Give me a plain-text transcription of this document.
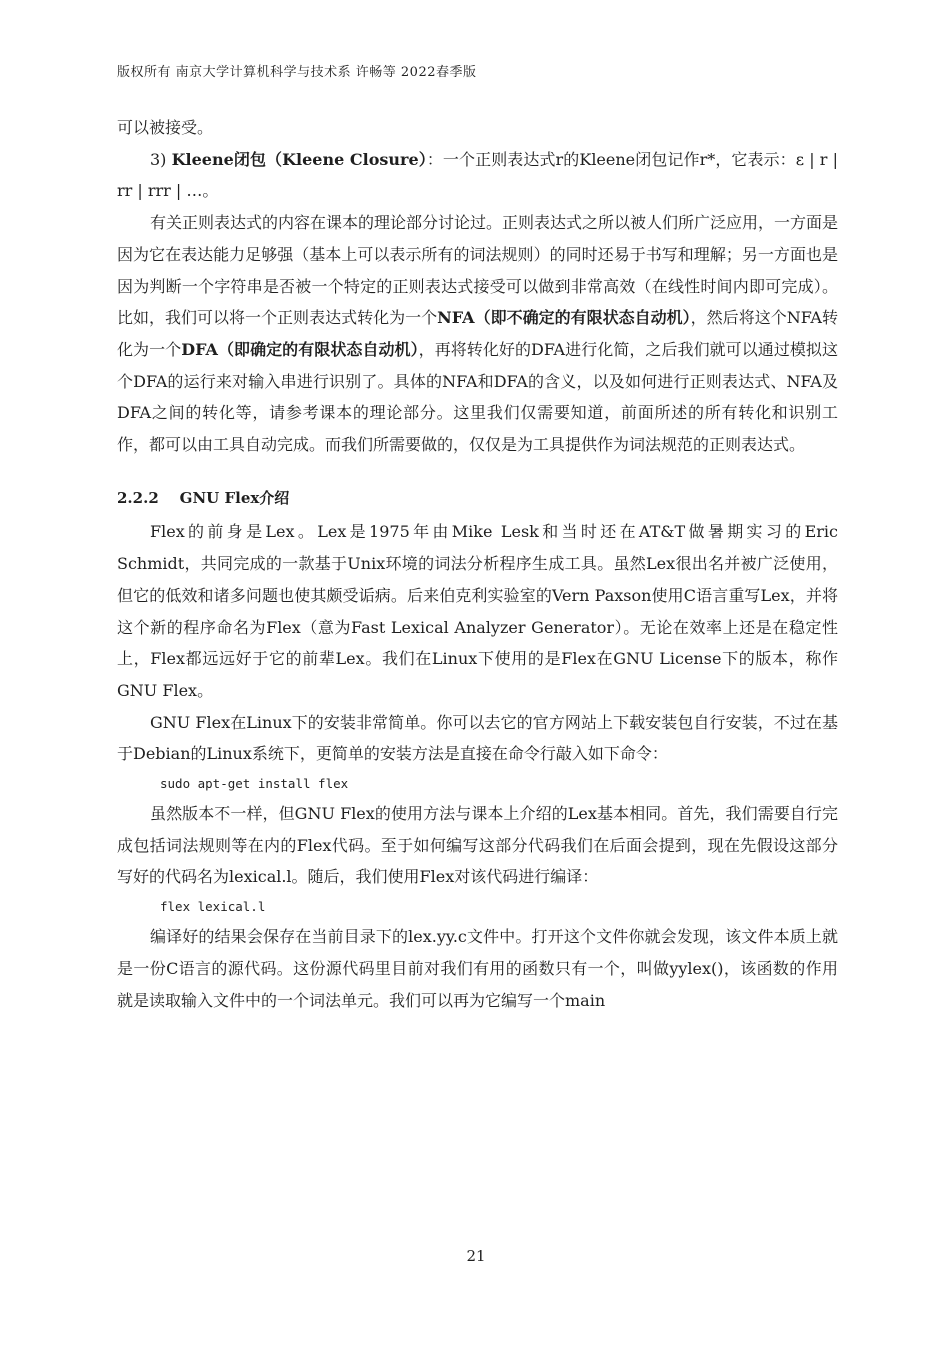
版权所有 南京大学计算机科学与技术系 许畅等 2022春季版

可以被接受。

3) Kleene闭包（Kleene Closure）：一个正则表达式r的Kleene闭包记作r*，它表示：ε | r | rr | rrr | …。

有关正则表达式的内容在课本的理论部分讨论过。正则表达式之所以被人们所广泛应用，一方面是因为它在表达能力足够强（基本上可以表示所有的词法规则）的同时还易于书写和理解；另一方面也是因为判断一个字符串是否被一个特定的正则表达式接受可以做到非常高效（在线性时间内即可完成）。比如，我们可以将一个正则表达式转化为一个NFA（即不确定的有限状态自动机），然后将这个NFA转化为一个DFA（即确定的有限状态自动机），再将转化好的DFA进行化简，之后我们就可以通过模拟这个DFA的运行来对输入串进行识别了。具体的NFA和DFA的含义，以及如何进行正则表达式、NFA及DFA之间的转化等，请参考课本的理论部分。这里我们仅需要知道，前面所述的所有转化和识别工作，都可以由工具自动完成。而我们所需要做的，仅仅是为工具提供作为词法规范的正则表达式。

2.2.2    GNU Flex介绍

Flex的前身是Lex。Lex是1975年由Mike Lesk和当时还在AT&T做暑期实习的Eric Schmidt，共同完成的一款基于Unix环境的词法分析程序生成工具。虽然Lex很出名并被广泛使用，但它的低效和诸多问题也使其颇受诟病。后来伯克利实验室的Vern Paxson使用C语言重写Lex，并将这个新的程序命名为Flex（意为Fast Lexical Analyzer Generator）。无论在效率上还是在稳定性上，Flex都远远好于它的前辈Lex。我们在Linux下使用的是Flex在GNU License下的版本，称作GNU Flex。

GNU Flex在Linux下的安装非常简单。你可以去它的官方网站上下载安装包自行安装，不过在基于Debian的Linux系统下，更简单的安装方法是直接在命令行敲入如下命令：

sudo apt-get install flex

虽然版本不一样，但GNU Flex的使用方法与课本上介绍的Lex基本相同。首先，我们需要自行完成包括词法规则等在内的Flex代码。至于如何编写这部分代码我们在后面会提到，现在先假设这部分写好的代码名为lexical.l。随后，我们使用Flex对该代码进行编译：

flex lexical.l

编译好的结果会保存在当前目录下的lex.yy.c文件中。打开这个文件你就会发现，该文件本质上就是一份C语言的源代码。这份源代码里目前对我们有用的函数只有一个，叫做yylex()，该函数的作用就是读取输入文件中的一个词法单元。我们可以再为它编写一个main

21
